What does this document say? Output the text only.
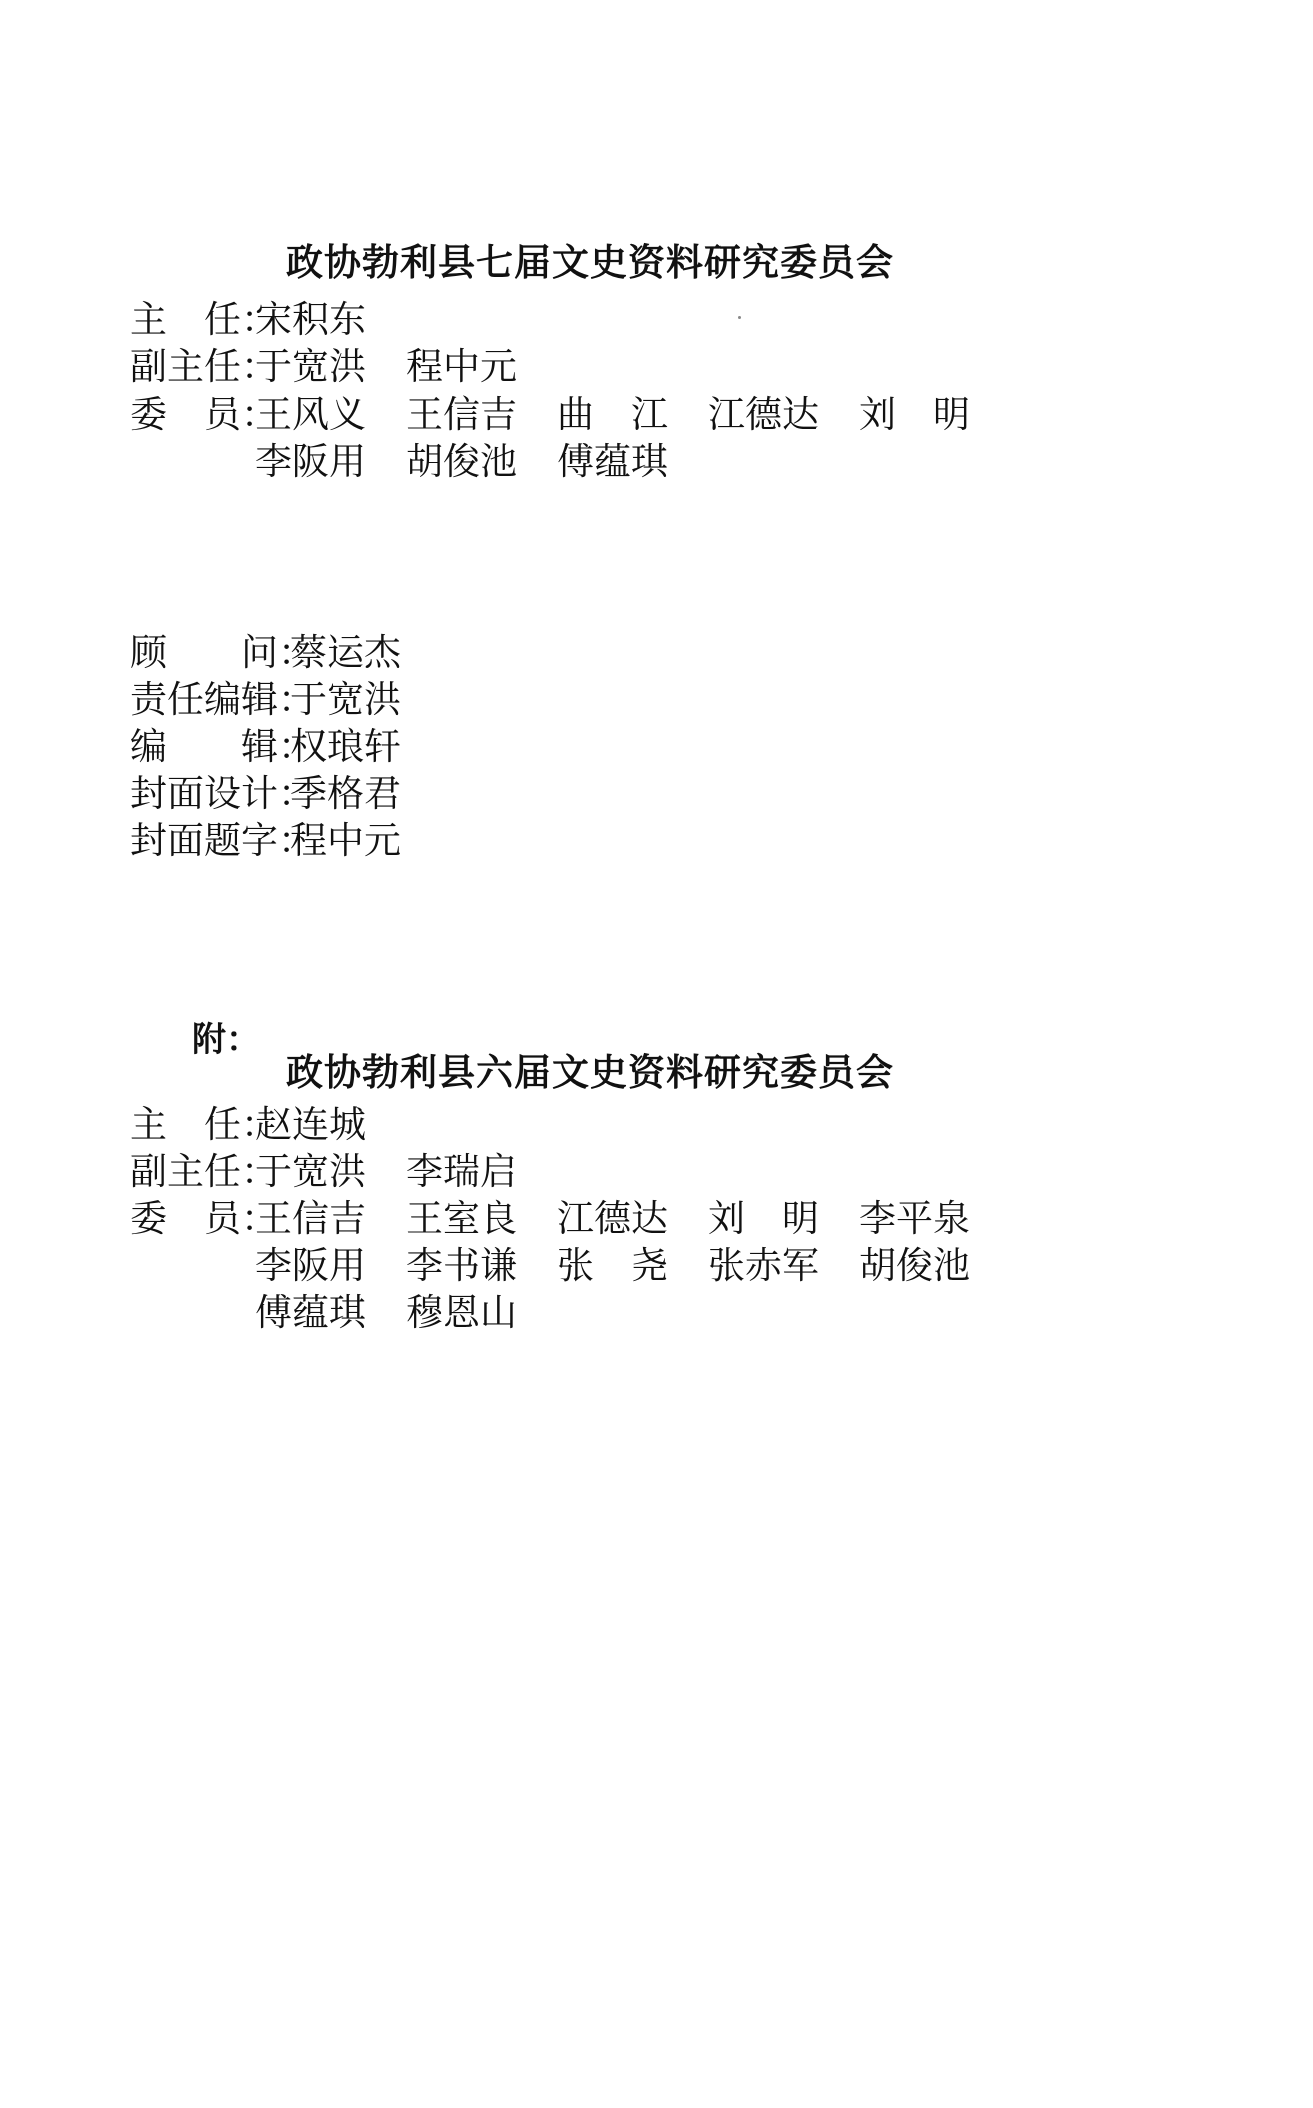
政协勃利县七届文史资料研究委员会
主　任：
宋积东
副主任：
于宽洪 程中元
委　员：
王风义 王信吉 曲　江 江德达 刘　明
李阪用 胡俊池 傅蕴琪
顾　　问：
蔡运杰
责任编辑：
于宽洪
编　　辑：
权琅轩
封面设计：
季格君
封面题字：
程中元
附：
政协勃利县六届文史资料研究委员会
主　任：
赵连城
副主任：
于宽洪 李瑞启
委　员：
王信吉 王室良 江德达 刘　明 李平泉
李阪用 李书谦 张　尧 张赤军 胡俊池
傅蕴琪 穆恩山
